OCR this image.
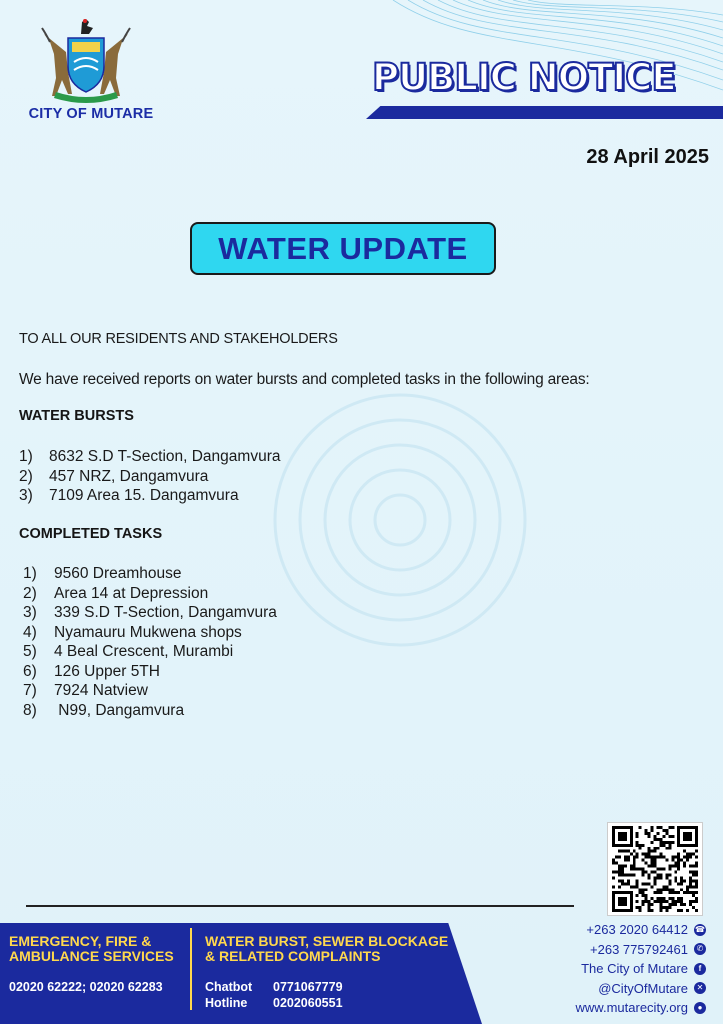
CITY OF MUTARE
PUBLIC NOTICE
28 April 2025
WATER UPDATE
TO ALL OUR RESIDENTS AND STAKEHOLDERS
We have received reports on water bursts and completed tasks in the following areas:
WATER BURSTS
1) 8632 S.D T-Section, Dangamvura
2) 457 NRZ, Dangamvura
3) 7109 Area 15. Dangamvura
COMPLETED TASKS
1) 9560 Dreamhouse
2) Area 14 at Depression
3) 339 S.D T-Section, Dangamvura
4) Nyamauru Mukwena shops
5) 4 Beal Crescent, Murambi
6) 126 Upper 5TH
7) 7924 Natview
8) N99, Dangamvura
EMERGENCY, FIRE &
AMBULANCE SERVICES
WATER BURST, SEWER BLOCKAGE
& RELATED COMPLAINTS
02020 62222; 02020 62283	Chatbot 0771067779
Hotline 0202060551
+263 2020 64412 ☎
+263 775792461	✆
The City of Mutare	f
@CityOfMutare	✕
www.mutarecity.org	●
